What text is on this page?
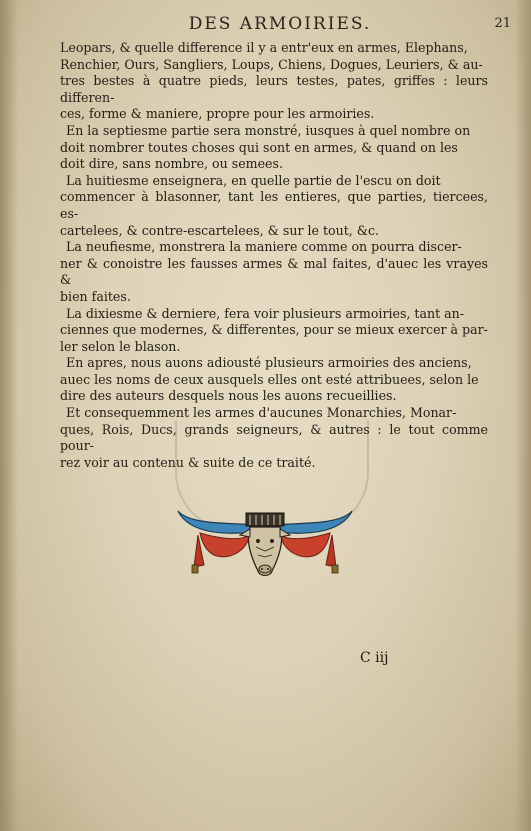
DES ARMOIRIES.	21

Leopars, & quelle difference il y a entr'eux en armes, Elephans,

Renchier, Ours, Sangliers, Loups, Chiens, Dogues, Leuriers, & au-

tres bestes à quatre pieds, leurs testes, pates, griffes : leurs differen-

ces, forme & maniere, propre pour les armoiries.

En la septiesme partie sera monstré, iusques à quel nombre on

doit nombrer toutes choses qui sont en armes, & quand on les

doit dire, sans nombre, ou semees.

La huitiesme enseignera, en quelle partie de l'escu on doit

commencer à blasonner, tant les entieres, que parties, tiercees, es-

cartelees, & contre-escartelees, & sur le tout, &c.

La neufiesme, monstrera la maniere comme on pourra discer-

ner & conoistre les fausses armes & mal faites, d'auec les vrayes &

bien faites.

La dixiesme & derniere, fera voir plusieurs armoiries, tant an-

ciennes que modernes, & differentes, pour se mieux exercer à par-

ler selon le blason.

En apres, nous auons adiousté plusieurs armoiries des anciens,

auec les noms de ceux ausquels elles ont esté attribuees, selon le

dire des auteurs desquels nous les auons recueillies.

Et consequemment les armes d'aucunes Monarchies, Monar-

ques, Rois, Ducs, grands seigneurs, & autres : le tout comme pour-

rez voir au contenu & suite de ce traité.

C iij
